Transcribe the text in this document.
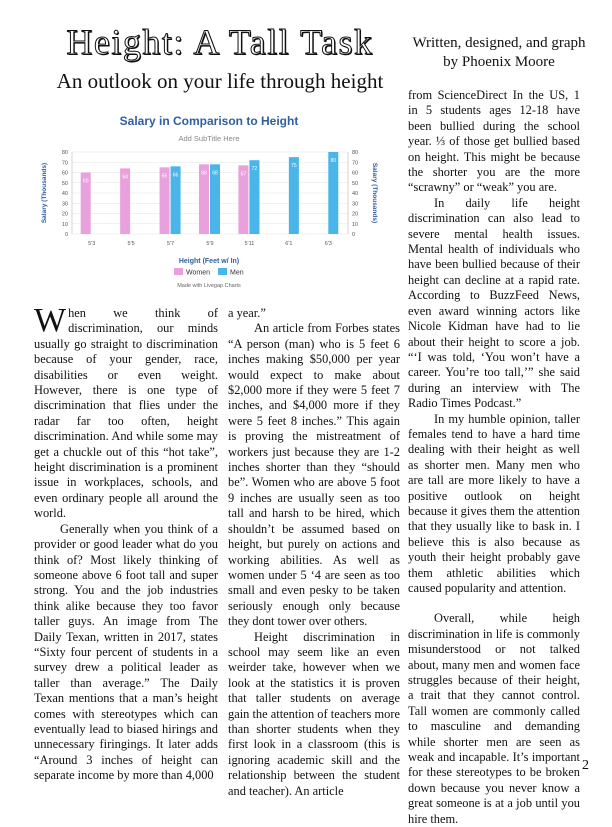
Height: A Tall Task
An outlook on your life through height
Written, designed, and graph by Phoenix Moore
Salary in Comparison to Height
Add SubTitle Here
0	0
10	10
20	20
30	30
40	40
50	50
60	60
70	70
80	80
5'3
60
5'5
64
5'7
65 66
5'9
68 68
5'11
67
72
6'1
75
6'3
80
Salary (Thousands)	Salary (Thousands)
Height (Feet w/ In)
Women	Men
Made with Livegap Charts

When we think of discrimination, our minds usually go straight to discrimination because of your gender, race, disabilities or even weight. However, there is one type of discrimination that flies under the radar far too often, height discrimination. And while some may get a chuckle out of this “hot take”, height discrimination is a prominent issue in workplaces, schools, and even ordinary people all around the world.

Generally when you think of a provider or good leader what do you think of? Most likely thinking of someone above 6 foot tall and super strong. You and the job industries think alike because they too favor taller guys. An image from The Daily Texan, written in 2017, states “Sixty four percent of students in a survey drew a political leader as taller than average.” The Daily Texan mentions that a man’s height comes with stereotypes which can eventually lead to biased hirings and unnecessary firingings. It later adds “Around 3 inches of height can separate income by more than 4,000

a year.”

An article from Forbes states “A person (man) who is 5 feet 6 inches making $50,000 per year would expect to make about $2,000 more if they were 5 feet 7 inches, and $4,000 more if they were 5 feet 8 inches.” This again is proving the mistreatment of workers just because they are 1-2 inches shorter than they “should be”. Women who are above 5 foot 9 inches are usually seen as too tall and harsh to be hired, which shouldn’t be assumed based on height, but purely on actions and working abilities. As well as women under 5 ‘4 are seen as too small and even pesky to be taken seriously enough only because they dont tower over others.

Height discrimination in school may seem like an even weirder take, however when we look at the statistics it is proven that taller students on average gain the attention of teachers more than shorter students when they first look in a classroom (this is ignoring academic skill and the relationship between the student and teacher). An article

from ScienceDirect In the US, 1 in 5 students ages 12-18 have been bullied during the school year. ⅓ of those get bullied based on height. This might be because the shorter you are the more “scrawny” or “weak” you are.

In daily life height discrimination can also lead to severe mental health issues. Mental health of individuals who have been bullied because of their height can decline at a rapid rate. According to BuzzFeed News, even award winning actors like Nicole Kidman have had to lie about their height to score a job. “‘I was told, ‘You won’t have a career. You’re too tall,’” she said during an interview with The Radio Times Podcast.”

In my humble opinion, taller females tend to have a hard time dealing with their height as well as shorter men. Many men who are tall are more likely to have a positive outlook on height because it gives them the attention that they usually like to bask in. I believe this is also because as youth their height probably gave them athletic abilities which caused popularity and attention.

Overall, while heigh discrimination in life is commonly misunderstood or not talked about, many men and women face struggles because of their height, a trait that they cannot control. Tall women are commonly called to masculine and demanding while shorter men are seen as weak and incapable. It’s important for these stereotypes to be broken down because you never know a great someone is at a job until you hire them.

2
